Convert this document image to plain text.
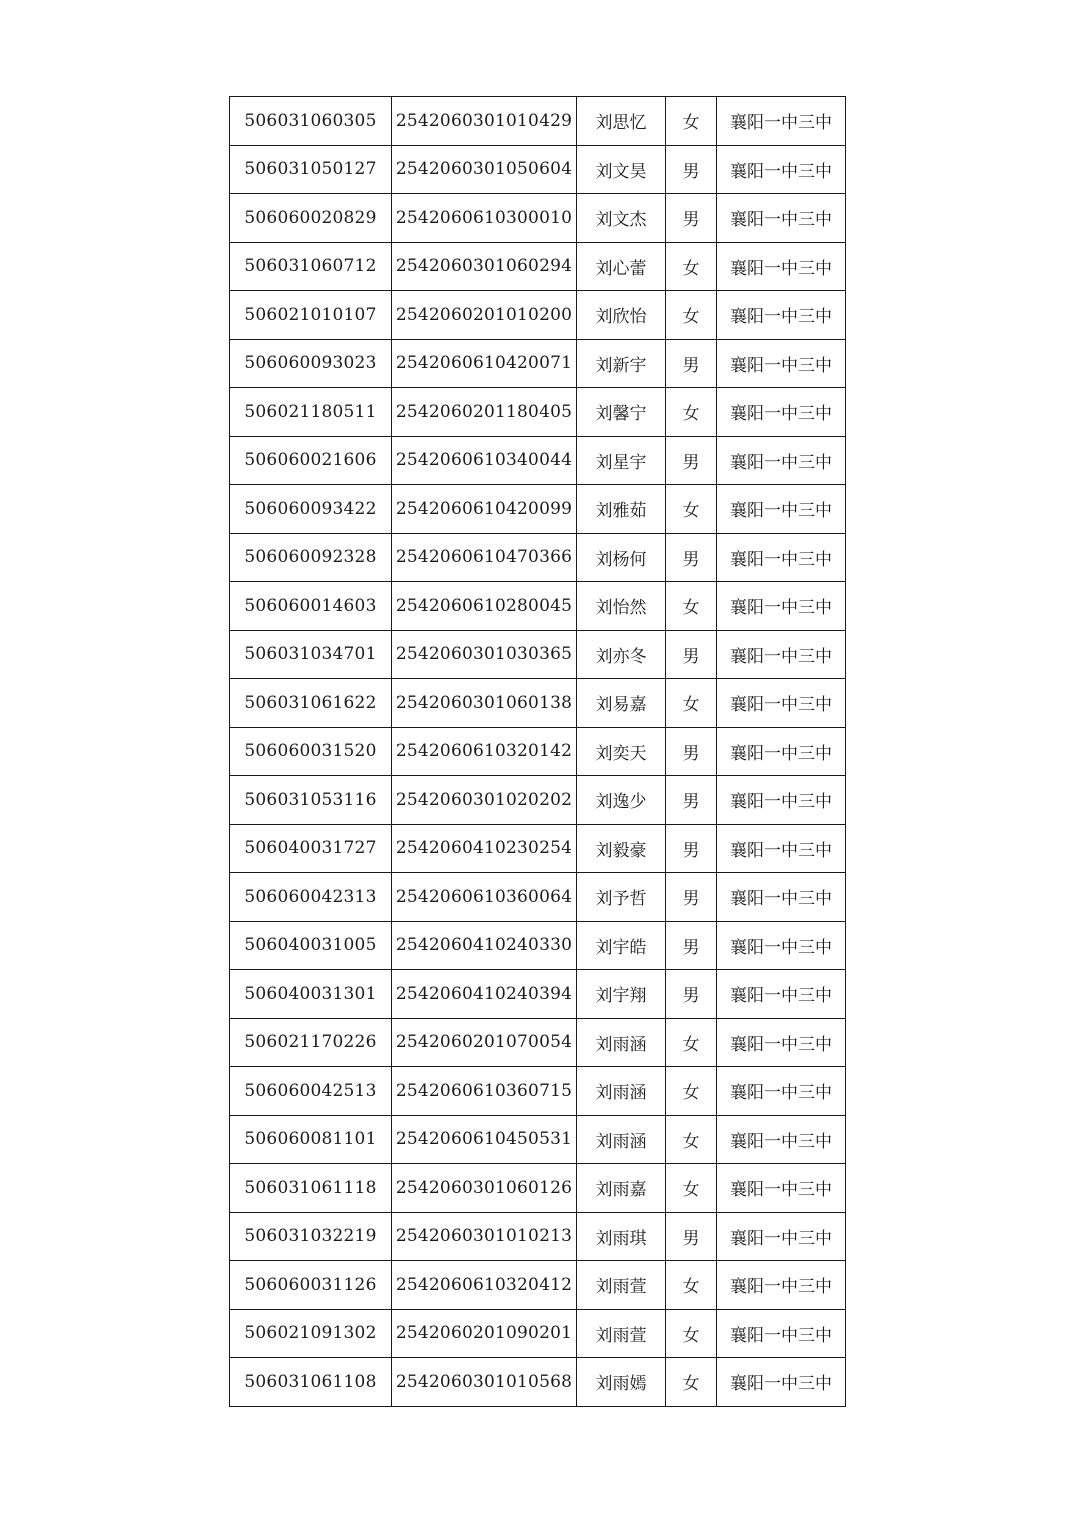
506031060305	2542060301010429	刘思忆	女	襄阳一中三中
506031050127	2542060301050604	刘文昊	男	襄阳一中三中
506060020829	2542060610300010	刘文杰	男	襄阳一中三中
506031060712	2542060301060294	刘心蕾	女	襄阳一中三中
506021010107	2542060201010200	刘欣怡	女	襄阳一中三中
506060093023	2542060610420071	刘新宇	男	襄阳一中三中
506021180511	2542060201180405	刘馨宁	女	襄阳一中三中
506060021606	2542060610340044	刘星宇	男	襄阳一中三中
506060093422	2542060610420099	刘雅茹	女	襄阳一中三中
506060092328	2542060610470366	刘杨何	男	襄阳一中三中
506060014603	2542060610280045	刘怡然	女	襄阳一中三中
506031034701	2542060301030365	刘亦冬	男	襄阳一中三中
506031061622	2542060301060138	刘易嘉	女	襄阳一中三中
506060031520	2542060610320142	刘奕天	男	襄阳一中三中
506031053116	2542060301020202	刘逸少	男	襄阳一中三中
506040031727	2542060410230254	刘毅豪	男	襄阳一中三中
506060042313	2542060610360064	刘予哲	男	襄阳一中三中
506040031005	2542060410240330	刘宇皓	男	襄阳一中三中
506040031301	2542060410240394	刘宇翔	男	襄阳一中三中
506021170226	2542060201070054	刘雨涵	女	襄阳一中三中
506060042513	2542060610360715	刘雨涵	女	襄阳一中三中
506060081101	2542060610450531	刘雨涵	女	襄阳一中三中
506031061118	2542060301060126	刘雨嘉	女	襄阳一中三中
506031032219	2542060301010213	刘雨琪	男	襄阳一中三中
506060031126	2542060610320412	刘雨萱	女	襄阳一中三中
506021091302	2542060201090201	刘雨萱	女	襄阳一中三中
506031061108	2542060301010568	刘雨嫣	女	襄阳一中三中
